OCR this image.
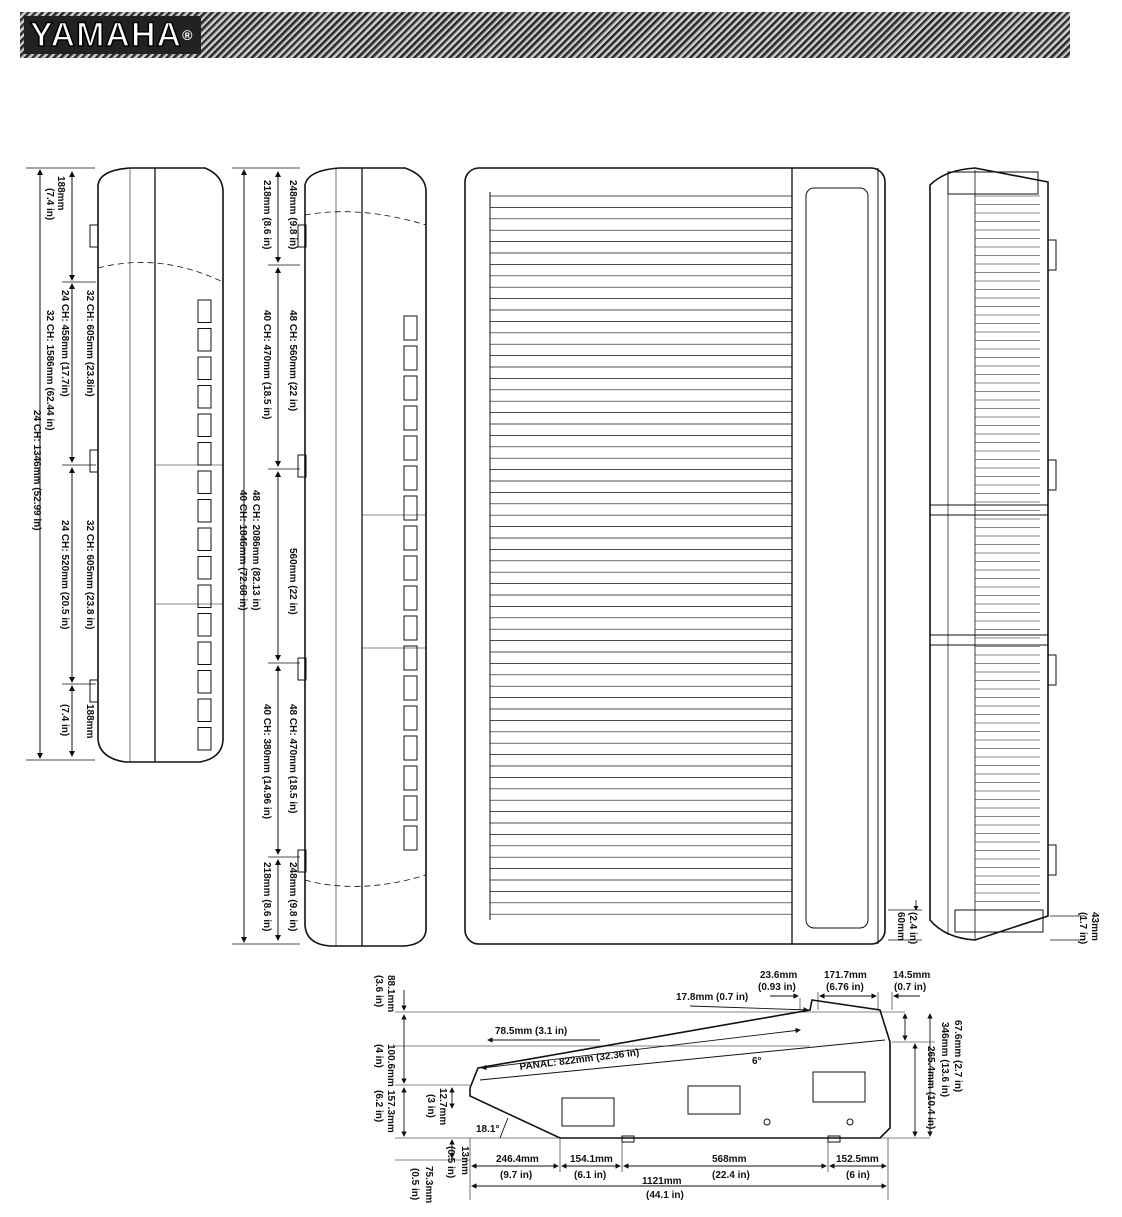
YAMAHA®
188mm
(7.4 in)
32 CH: 605mm (23.8in)
24 CH: 458mm (17.7in)
32 CH: 1586mm (62.44 in)
24 CH: 1346mm (52.99 in)
32 CH: 605mm (23.8 in)
24 CH: 520mm (20.5 in)
188mm
(7.4 in)
248mm (9.8 in)
218mm (8.6 in)
48 CH: 560mm (22 in)
40 CH: 470mm (18.5 in)
48 CH: 2086mm (82.13 in)
40 CH: 1846mm (72.68 in)	560mm (22 in)
48 CH: 470mm (18.5 in)
40 CH: 380mm (14.96 in)
248mm (9.8 in)
218mm (8.6 in)	60mm (2.4 in)	43mm
(1.7 in)
23.6mm
(0.93 in)
171.7mm
(6.76 in)
14.5mm
(0.7 in)
17.8mm (0.7 in)
78.5mm (3.1 in)
PANAL: 822mm (32.36 in)	6°
18.1°
88.1mm
(3.6 in)
100.6mm
(4 in)
157.3mm
(6.2 in)	12.7mm
(3 in)
13mm
(0.5 in)
75.3mm
(0.5 in)
67.6mm (2.7 in)
346mm (13.6 in)
265.4mm (10.4 in)
246.4mm
(9.7 in)
154.1mm
(6.1 in)
568mm
(22.4 in)
152.5mm
(6 in)
1121mm
(44.1 in)
